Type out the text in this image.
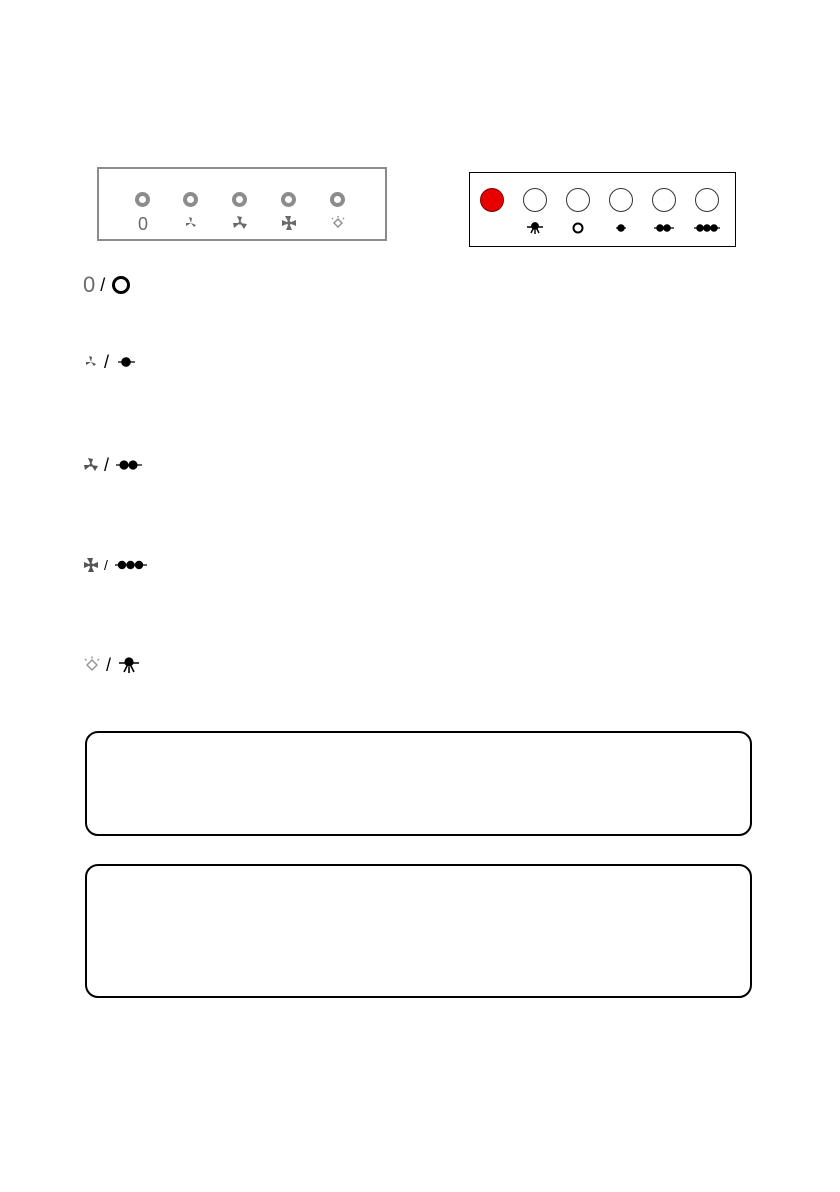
0
0 /
/
/
/
/
